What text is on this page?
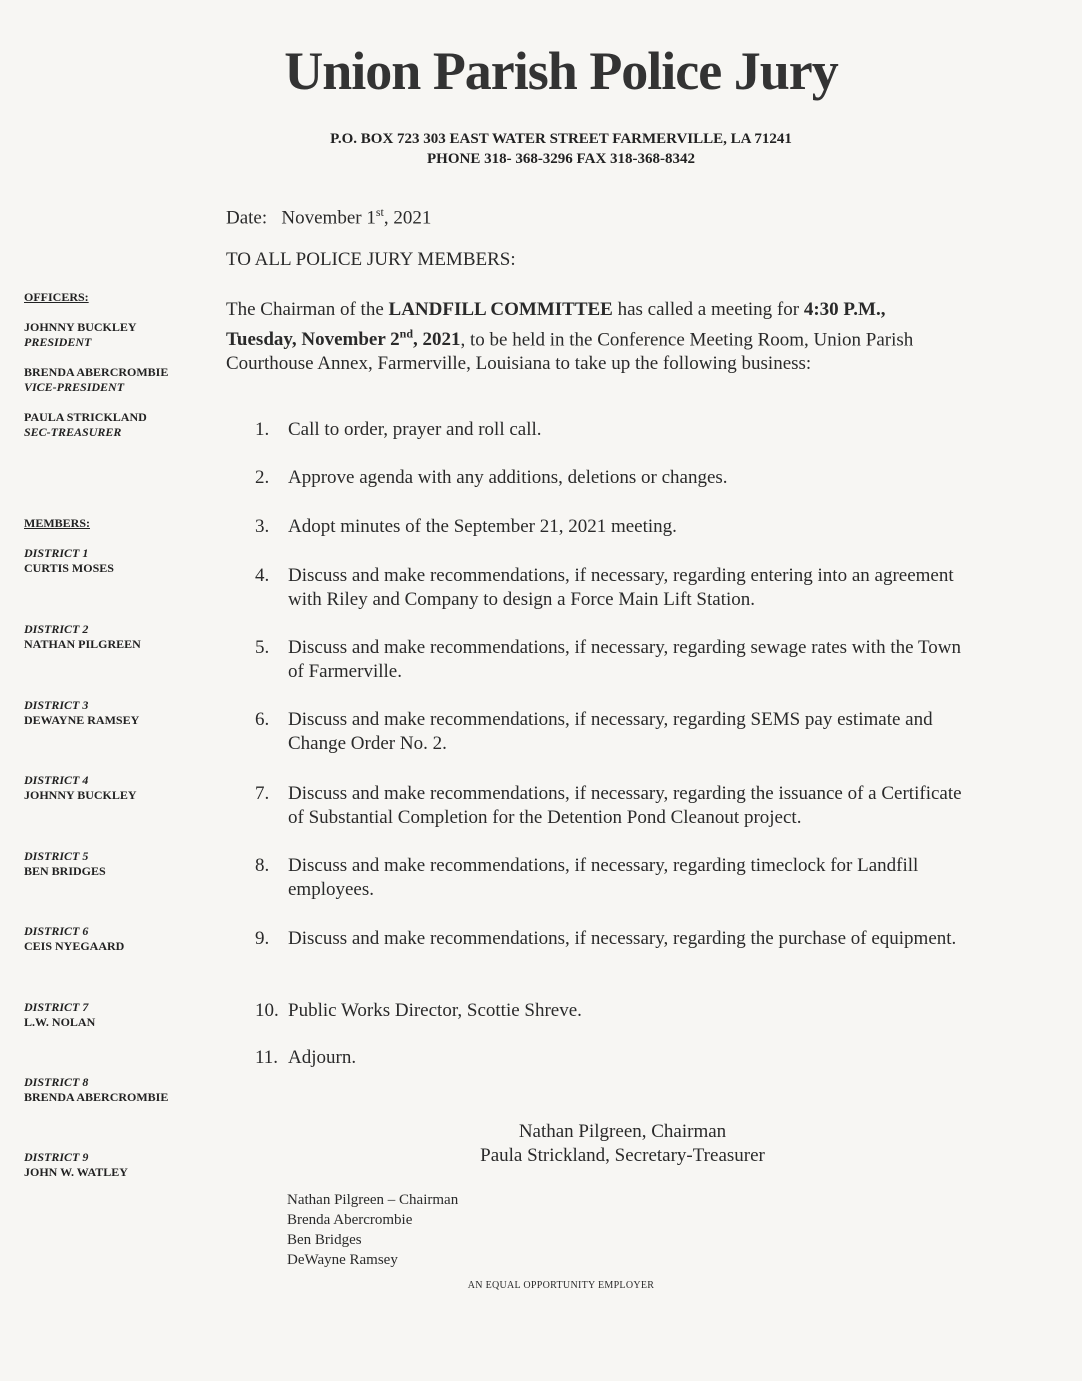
Union Parish Police Jury
P.O. BOX 723 303 EAST WATER STREET FARMERVILLE, LA 71241
PHONE 318- 368-3296 FAX 318-368-8342
Date: November 1st, 2021
TO ALL POLICE JURY MEMBERS:
The Chairman of the LANDFILL COMMITTEE has called a meeting for 4:30 P.M., Tuesday, November 2nd, 2021, to be held in the Conference Meeting Room, Union Parish Courthouse Annex, Farmerville, Louisiana to take up the following business:
1. Call to order, prayer and roll call.
2. Approve agenda with any additions, deletions or changes.
3. Adopt minutes of the September 21, 2021 meeting.
4. Discuss and make recommendations, if necessary, regarding entering into an agreement with Riley and Company to design a Force Main Lift Station.
5. Discuss and make recommendations, if necessary, regarding sewage rates with the Town of Farmerville.
6. Discuss and make recommendations, if necessary, regarding SEMS pay estimate and Change Order No. 2.
7. Discuss and make recommendations, if necessary, regarding the issuance of a Certificate of Substantial Completion for the Detention Pond Cleanout project.
8. Discuss and make recommendations, if necessary, regarding timeclock for Landfill employees.
9. Discuss and make recommendations, if necessary, regarding the purchase of equipment.
10. Public Works Director, Scottie Shreve.
11. Adjourn.
Nathan Pilgreen, Chairman
Paula Strickland, Secretary-Treasurer
Nathan Pilgreen – Chairman
Brenda Abercrombie
Ben Bridges
DeWayne Ramsey
AN EQUAL OPPORTUNITY EMPLOYER
OFFICERS:
JOHNNY BUCKLEY
PRESIDENT
BRENDA ABERCROMBIE
VICE-PRESIDENT
PAULA STRICKLAND
SEC-TREASURER
MEMBERS:
DISTRICT 1
CURTIS MOSES
DISTRICT 2
NATHAN PILGREEN
DISTRICT 3
DEWAYNE RAMSEY
DISTRICT 4
JOHNNY BUCKLEY
DISTRICT 5
BEN BRIDGES
DISTRICT 6
CEIS NYEGAARD
DISTRICT 7
L.W. NOLAN
DISTRICT 8
BRENDA ABERCROMBIE
DISTRICT 9
JOHN W. WATLEY
